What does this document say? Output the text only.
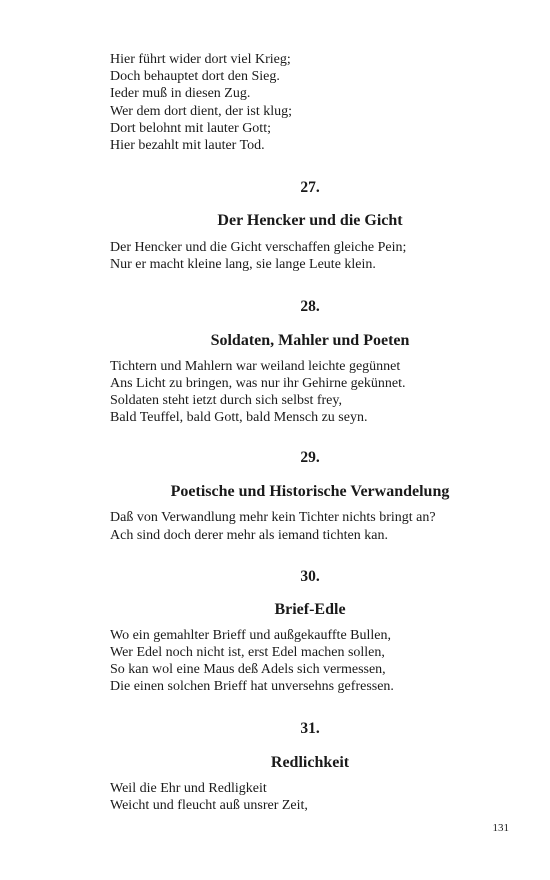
Hier führt wider dort viel Krieg;
Doch behauptet dort den Sieg.
Ieder muß in diesen Zug.
Wer dem dort dient, der ist klug;
Dort belohnt mit lauter Gott;
Hier bezahlt mit lauter Tod.
27.
Der Hencker und die Gicht
Der Hencker und die Gicht verschaffen gleiche Pein;
Nur er macht kleine lang, sie lange Leute klein.
28.
Soldaten, Mahler und Poeten
Tichtern und Mahlern war weiland leichte gegünnet
Ans Licht zu bringen, was nur ihr Gehirne gekünnet.
Soldaten steht ietzt durch sich selbst frey,
Bald Teuffel, bald Gott, bald Mensch zu seyn.
29.
Poetische und Historische Verwandelung
Daß von Verwandlung mehr kein Tichter nichts bringt an?
Ach sind doch derer mehr als iemand tichten kan.
30.
Brief-Edle
Wo ein gemahlter Brieff und außgekauffte Bullen,
Wer Edel noch nicht ist, erst Edel machen sollen,
So kan wol eine Maus deß Adels sich vermessen,
Die einen solchen Brieff hat unversehns gefressen.
31.
Redlichkeit
Weil die Ehr und Redligkeit
Weicht und fleucht auß unsrer Zeit,
131
